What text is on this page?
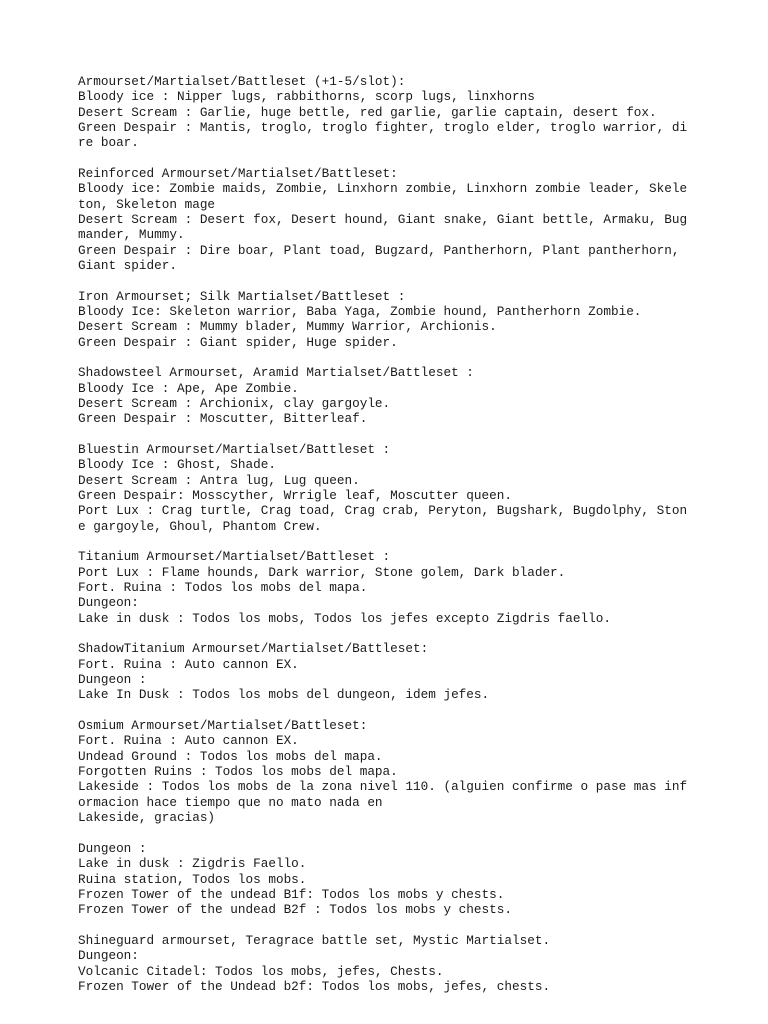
Armourset/Martialset/Battleset (+1-5/slot):
Bloody ice : Nipper lugs, rabbithorns, scorp lugs, linxhorns
Desert Scream : Garlie, huge bettle, red garlie, garlie captain, desert fox.
Green Despair : Mantis, troglo, troglo fighter, troglo elder, troglo warrior, di
re boar.
Reinforced Armourset/Martialset/Battleset:
Bloody ice: Zombie maids, Zombie, Linxhorn zombie, Linxhorn zombie leader, Skele
ton, Skeleton mage
Desert Scream : Desert fox, Desert hound, Giant snake, Giant bettle, Armaku, Bug
mander, Mummy.
Green Despair : Dire boar, Plant toad, Bugzard, Pantherhorn, Plant pantherhorn,
Giant spider.
Iron Armourset; Silk Martialset/Battleset :
Bloody Ice: Skeleton warrior, Baba Yaga, Zombie hound, Pantherhorn Zombie.
Desert Scream : Mummy blader, Mummy Warrior, Archionis.
Green Despair : Giant spider, Huge spider.
Shadowsteel Armourset, Aramid Martialset/Battleset :
Bloody Ice : Ape, Ape Zombie.
Desert Scream : Archionix, clay gargoyle.
Green Despair : Moscutter, Bitterleaf.
Bluestin Armourset/Martialset/Battleset :
Bloody Ice : Ghost, Shade.
Desert Scream : Antra lug, Lug queen.
Green Despair: Mosscyther, Wrrigle leaf, Moscutter queen.
Port Lux : Crag turtle, Crag toad, Crag crab, Peryton, Bugshark, Bugdolphy, Ston
e gargoyle, Ghoul, Phantom Crew.
Titanium Armourset/Martialset/Battleset :
Port Lux : Flame hounds, Dark warrior, Stone golem, Dark blader.
Fort. Ruina : Todos los mobs del mapa.
Dungeon:
Lake in dusk : Todos los mobs, Todos los jefes excepto Zigdris faello.
ShadowTitanium Armourset/Martialset/Battleset:
Fort. Ruina : Auto cannon EX.
Dungeon :
Lake In Dusk : Todos los mobs del dungeon, idem jefes.
Osmium Armourset/Martialset/Battleset:
Fort. Ruina : Auto cannon EX.
Undead Ground : Todos los mobs del mapa.
Forgotten Ruins : Todos los mobs del mapa.
Lakeside : Todos los mobs de la zona nivel 110. (alguien confirme o pase mas inf
ormacion hace tiempo que no mato nada en
Lakeside, gracias)
Dungeon :
Lake in dusk : Zigdris Faello.
Ruina station, Todos los mobs.
Frozen Tower of the undead B1f: Todos los mobs y chests.
Frozen Tower of the undead B2f : Todos los mobs y chests.
Shineguard armourset, Teragrace battle set, Mystic Martialset.
Dungeon:
Volcanic Citadel: Todos los mobs, jefes, Chests.
Frozen Tower of the Undead b2f: Todos los mobs, jefes, chests.
